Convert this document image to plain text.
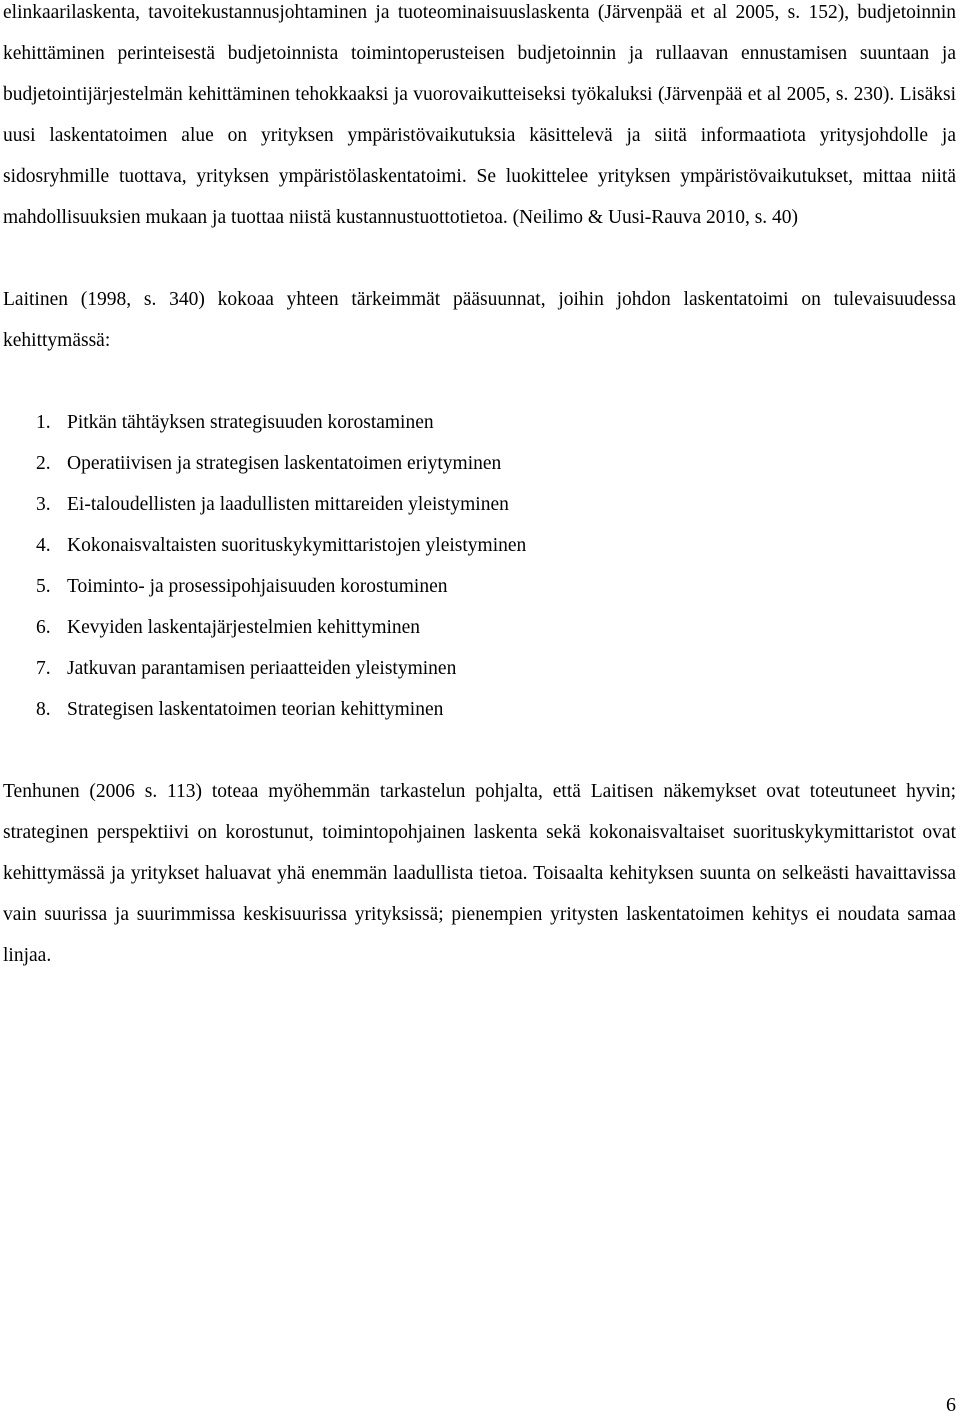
elinkaarilaskenta, tavoitekustannusjohtaminen ja tuoteominaisuuslaskenta (Järvenpää et al 2005, s. 152), budjetoinnin kehittäminen perinteisestä budjetoinnista toimintoperusteisen budjetoinnin ja rullaavan ennustamisen suuntaan ja budjetointijärjestelmän kehittäminen tehokkaaksi ja vuorovaikutteiseksi työkaluksi (Järvenpää et al 2005, s. 230). Lisäksi uusi laskentatoimen alue on yrityksen ympäristövaikutuksia käsittelevä ja siitä informaatiota yritysjohdolle ja sidosryhmille tuottava, yrityksen ympäristölaskentatoimi. Se luokittelee yrityksen ympäristövaikutukset, mittaa niitä mahdollisuuksien mukaan ja tuottaa niistä kustannustuottotietoa. (Neilimo & Uusi-Rauva 2010, s. 40)

Laitinen (1998, s. 340) kokoaa yhteen tärkeimmät pääsuunnat, joihin johdon laskentatoimi on tulevaisuudessa kehittymässä:

1. Pitkän tähtäyksen strategisuuden korostaminen
2. Operatiivisen ja strategisen laskentatoimen eriytyminen
3. Ei-taloudellisten ja laadullisten mittareiden yleistyminen
4. Kokonaisvaltaisten suorituskykymittaristojen yleistyminen
5. Toiminto- ja prosessipohjaisuuden korostuminen
6. Kevyiden laskentajärjestelmien kehittyminen
7. Jatkuvan parantamisen periaatteiden yleistyminen
8. Strategisen laskentatoimen teorian kehittyminen

Tenhunen (2006 s. 113) toteaa myöhemmän tarkastelun pohjalta, että Laitisen näkemykset ovat toteutuneet hyvin; strateginen perspektiivi on korostunut, toimintopohjainen laskenta sekä kokonaisvaltaiset suorituskykymittaristot ovat kehittymässä ja yritykset haluavat yhä enemmän laadullista tietoa. Toisaalta kehityksen suunta on selkeästi havaittavissa vain suurissa ja suurimmissa keskisuurissa yrityksissä; pienempien yritysten laskentatoimen kehitys ei noudata samaa linjaa.

6
